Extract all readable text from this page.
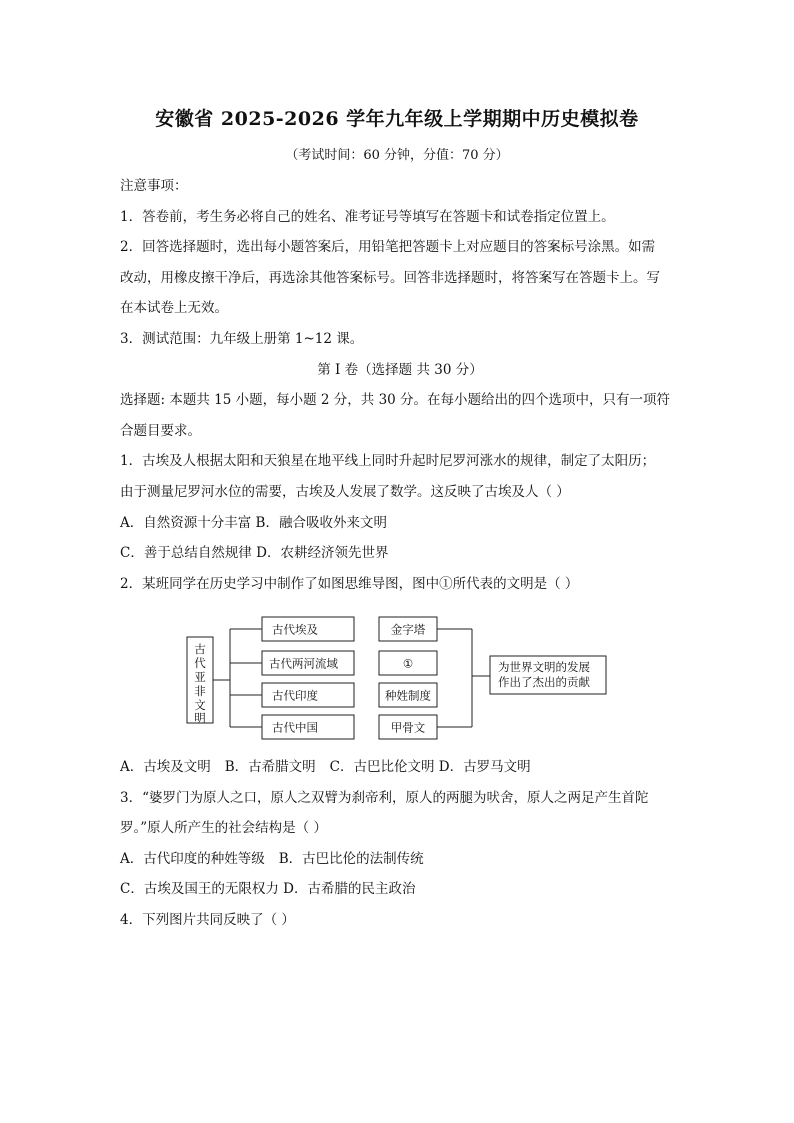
安徽省 2025-2026 学年九年级上学期期中历史模拟卷
（考试时间：60 分钟，分值：70 分）
注意事项：
1．答卷前，考生务必将自己的姓名、准考证号等填写在答题卡和试卷指定位置上。
2．回答选择题时，选出每小题答案后，用铅笔把答题卡上对应题目的答案标号涂黑。如需
改动，用橡皮擦干净后，再选涂其他答案标号。回答非选择题时，将答案写在答题卡上。写
在本试卷上无效。
3．测试范围：九年级上册第 1~12 课。
第 I 卷（选择题 共 30 分）
选择题: 本题共 15 小题，每小题 2 分，共 30 分。在每小题给出的四个选项中，只有一项符
合题目要求。
1．古埃及人根据太阳和天狼星在地平线上同时升起时尼罗河涨水的规律，制定了太阳历；
由于测量尼罗河水位的需要，古埃及人发展了数学。这反映了古埃及人（ ）
A．自然资源十分丰富 B．融合吸收外来文明
C．善于总结自然规律 D．农耕经济领先世界
2．某班同学在历史学习中制作了如图思维导图，图中①所代表的文明是（ ）
古
代
亚
非
文
明
古代埃及
古代两河流域
古代印度
古代中国
金字塔
①
种姓制度
甲骨文
为世界文明的发展
作出了杰出的贡献
A．古埃及文明 B．古希腊文明 C．古巴比伦文明 D．古罗马文明
3．“婆罗门为原人之口，原人之双臂为刹帝利，原人的两腿为吠舍，原人之两足产生首陀
罗。”原人所产生的社会结构是（ ）
A．古代印度的种姓等级 B．古巴比伦的法制传统
C．古埃及国王的无限权力 D．古希腊的民主政治
4．下列图片共同反映了（ ）
